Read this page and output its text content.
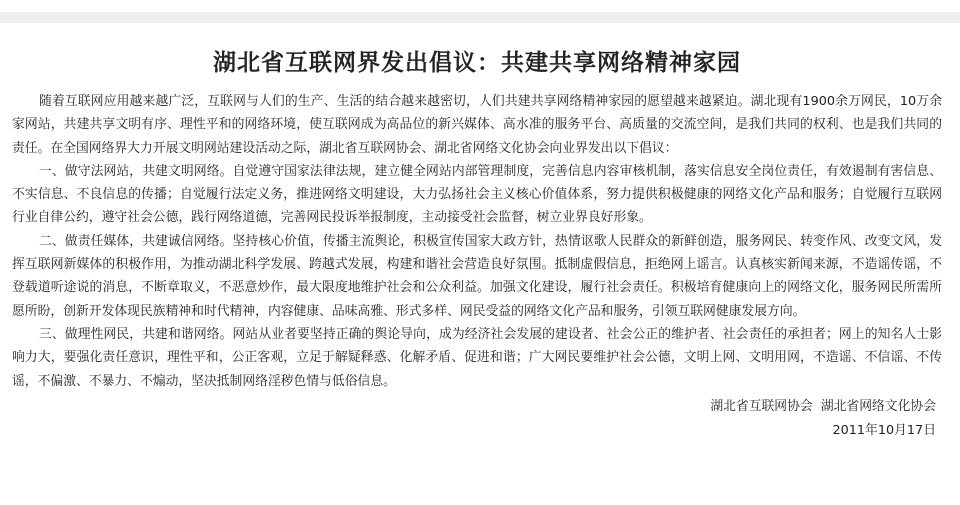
湖北省互联网界发出倡议：共建共享网络精神家园

随着互联网应用越来越广泛，互联网与人们的生产、生活的结合越来越密切，人们共建共享网络精神家园的愿望越来越紧迫。湖北现有1900余万网民，10万余家网站，共建共享文明有序、理性平和的网络环境，使互联网成为高品位的新兴媒体、高水准的服务平台、高质量的交流空间，是我们共同的权利、也是我们共同的责任。在全国网络界大力开展文明网站建设活动之际，湖北省互联网协会、湖北省网络文化协会向业界发出以下倡议：

一、做守法网站，共建文明网络。自觉遵守国家法律法规，建立健全网站内部管理制度，完善信息内容审核机制，落实信息安全岗位责任，有效遏制有害信息、不实信息、不良信息的传播；自觉履行法定义务，推进网络文明建设，大力弘扬社会主义核心价值体系，努力提供积极健康的网络文化产品和服务；自觉履行互联网行业自律公约，遵守社会公德，践行网络道德，完善网民投诉举报制度，主动接受社会监督，树立业界良好形象。

二、做责任媒体，共建诚信网络。坚持核心价值，传播主流舆论，积极宣传国家大政方针，热情讴歌人民群众的新鲜创造，服务网民、转变作风、改变文风，发挥互联网新媒体的积极作用，为推动湖北科学发展、跨越式发展，构建和谐社会营造良好氛围。抵制虚假信息，拒绝网上谣言。认真核实新闻来源，不造谣传谣，不登载道听途说的消息，不断章取义，不恶意炒作，最大限度地维护社会和公众利益。加强文化建设，履行社会责任。积极培育健康向上的网络文化，服务网民所需所愿所盼，创新开发体现民族精神和时代精神，内容健康、品味高雅、形式多样、网民受益的网络文化产品和服务，引领互联网健康发展方向。

三、做理性网民，共建和谐网络。网站从业者要坚持正确的舆论导向，成为经济社会发展的建设者、社会公正的维护者、社会责任的承担者；网上的知名人士影响力大，要强化责任意识，理性平和，公正客观，立足于解疑释惑、化解矛盾、促进和谐；广大网民要维护社会公德，文明上网、文明用网，不造谣、不信谣、不传谣，不偏激、不暴力、不煽动，坚决抵制网络淫秽色情与低俗信息。

湖北省互联网协会  湖北省网络文化协会
2011年10月17日
